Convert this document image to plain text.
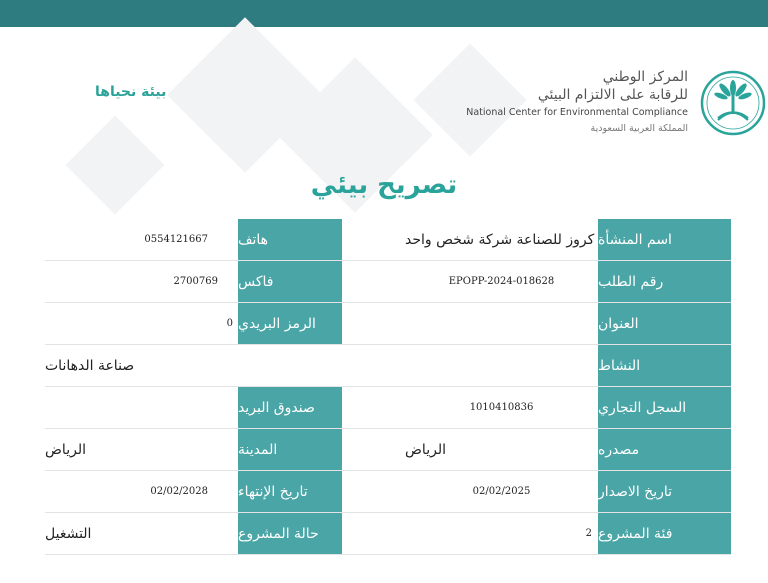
المركز الوطني
للرقابة على الالتزام البيئي
National Center for Environmental Compliance
المملكة العربية السعودية
بيئة نحياها
تصريح بيئي
اسم المنشأة
كروز للصناعة شركة شخص واحد
هاتف
0554121667
رقم الطلب
EPOPP-2024-018628
فاكس
2700769
العنوان
الرمز البريدي
0
النشاط
صناعة الدهانات
السجل التجاري
1010410836
صندوق البريد
مصدره
الرياض
المدينة
الرياض
تاريخ الاصدار
02/02/2025
تاريخ الإنتهاء
02/02/2028
فئة المشروع
2
حالة المشروع
التشغيل
